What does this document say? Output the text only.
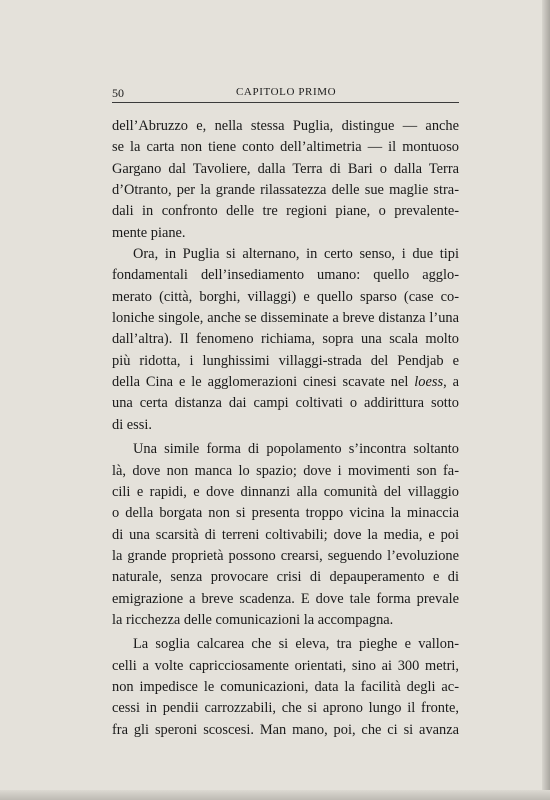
50	CAPITOLO PRIMO
dell’Abruzzo e, nella stessa Puglia, distingue — anche
se la carta non tiene conto dell’altimetria — il montuoso
Gargano dal Tavoliere, dalla Terra di Bari o dalla Terra
d’Otranto, per la grande rilassatezza delle sue maglie stra-
dali in confronto delle tre regioni piane, o prevalente-
mente piane.
Ora, in Puglia si alternano, in certo senso, i due tipi
fondamentali dell’insediamento umano: quello agglo-
merato (città, borghi, villaggi) e quello sparso (case co-
loniche singole, anche se disseminate a breve distanza l’una
dall’altra). Il fenomeno richiama, sopra una scala molto
più ridotta, i lunghissimi villaggi-strada del Pendjab e
della Cina e le agglomerazioni cinesi scavate nel loess, a
una certa distanza dai campi coltivati o addirittura sotto
di essi.
Una simile forma di popolamento s’incontra soltanto
là, dove non manca lo spazio; dove i movimenti son fa-
cili e rapidi, e dove dinnanzi alla comunità del villaggio
o della borgata non si presenta troppo vicina la minaccia
di una scarsità di terreni coltivabili; dove la media, e poi
la grande proprietà possono crearsi, seguendo l’evoluzione
naturale, senza provocare crisi di depauperamento e di
emigrazione a breve scadenza. E dove tale forma prevale
la ricchezza delle comunicazioni la accompagna.
La soglia calcarea che si eleva, tra pieghe e vallon-
celli a volte capricciosamente orientati, sino ai 300 metri,
non impedisce le comunicazioni, data la facilità degli ac-
cessi in pendii carrozzabili, che si aprono lungo il fronte,
fra gli speroni scoscesi. Man mano, poi, che ci si avanza
